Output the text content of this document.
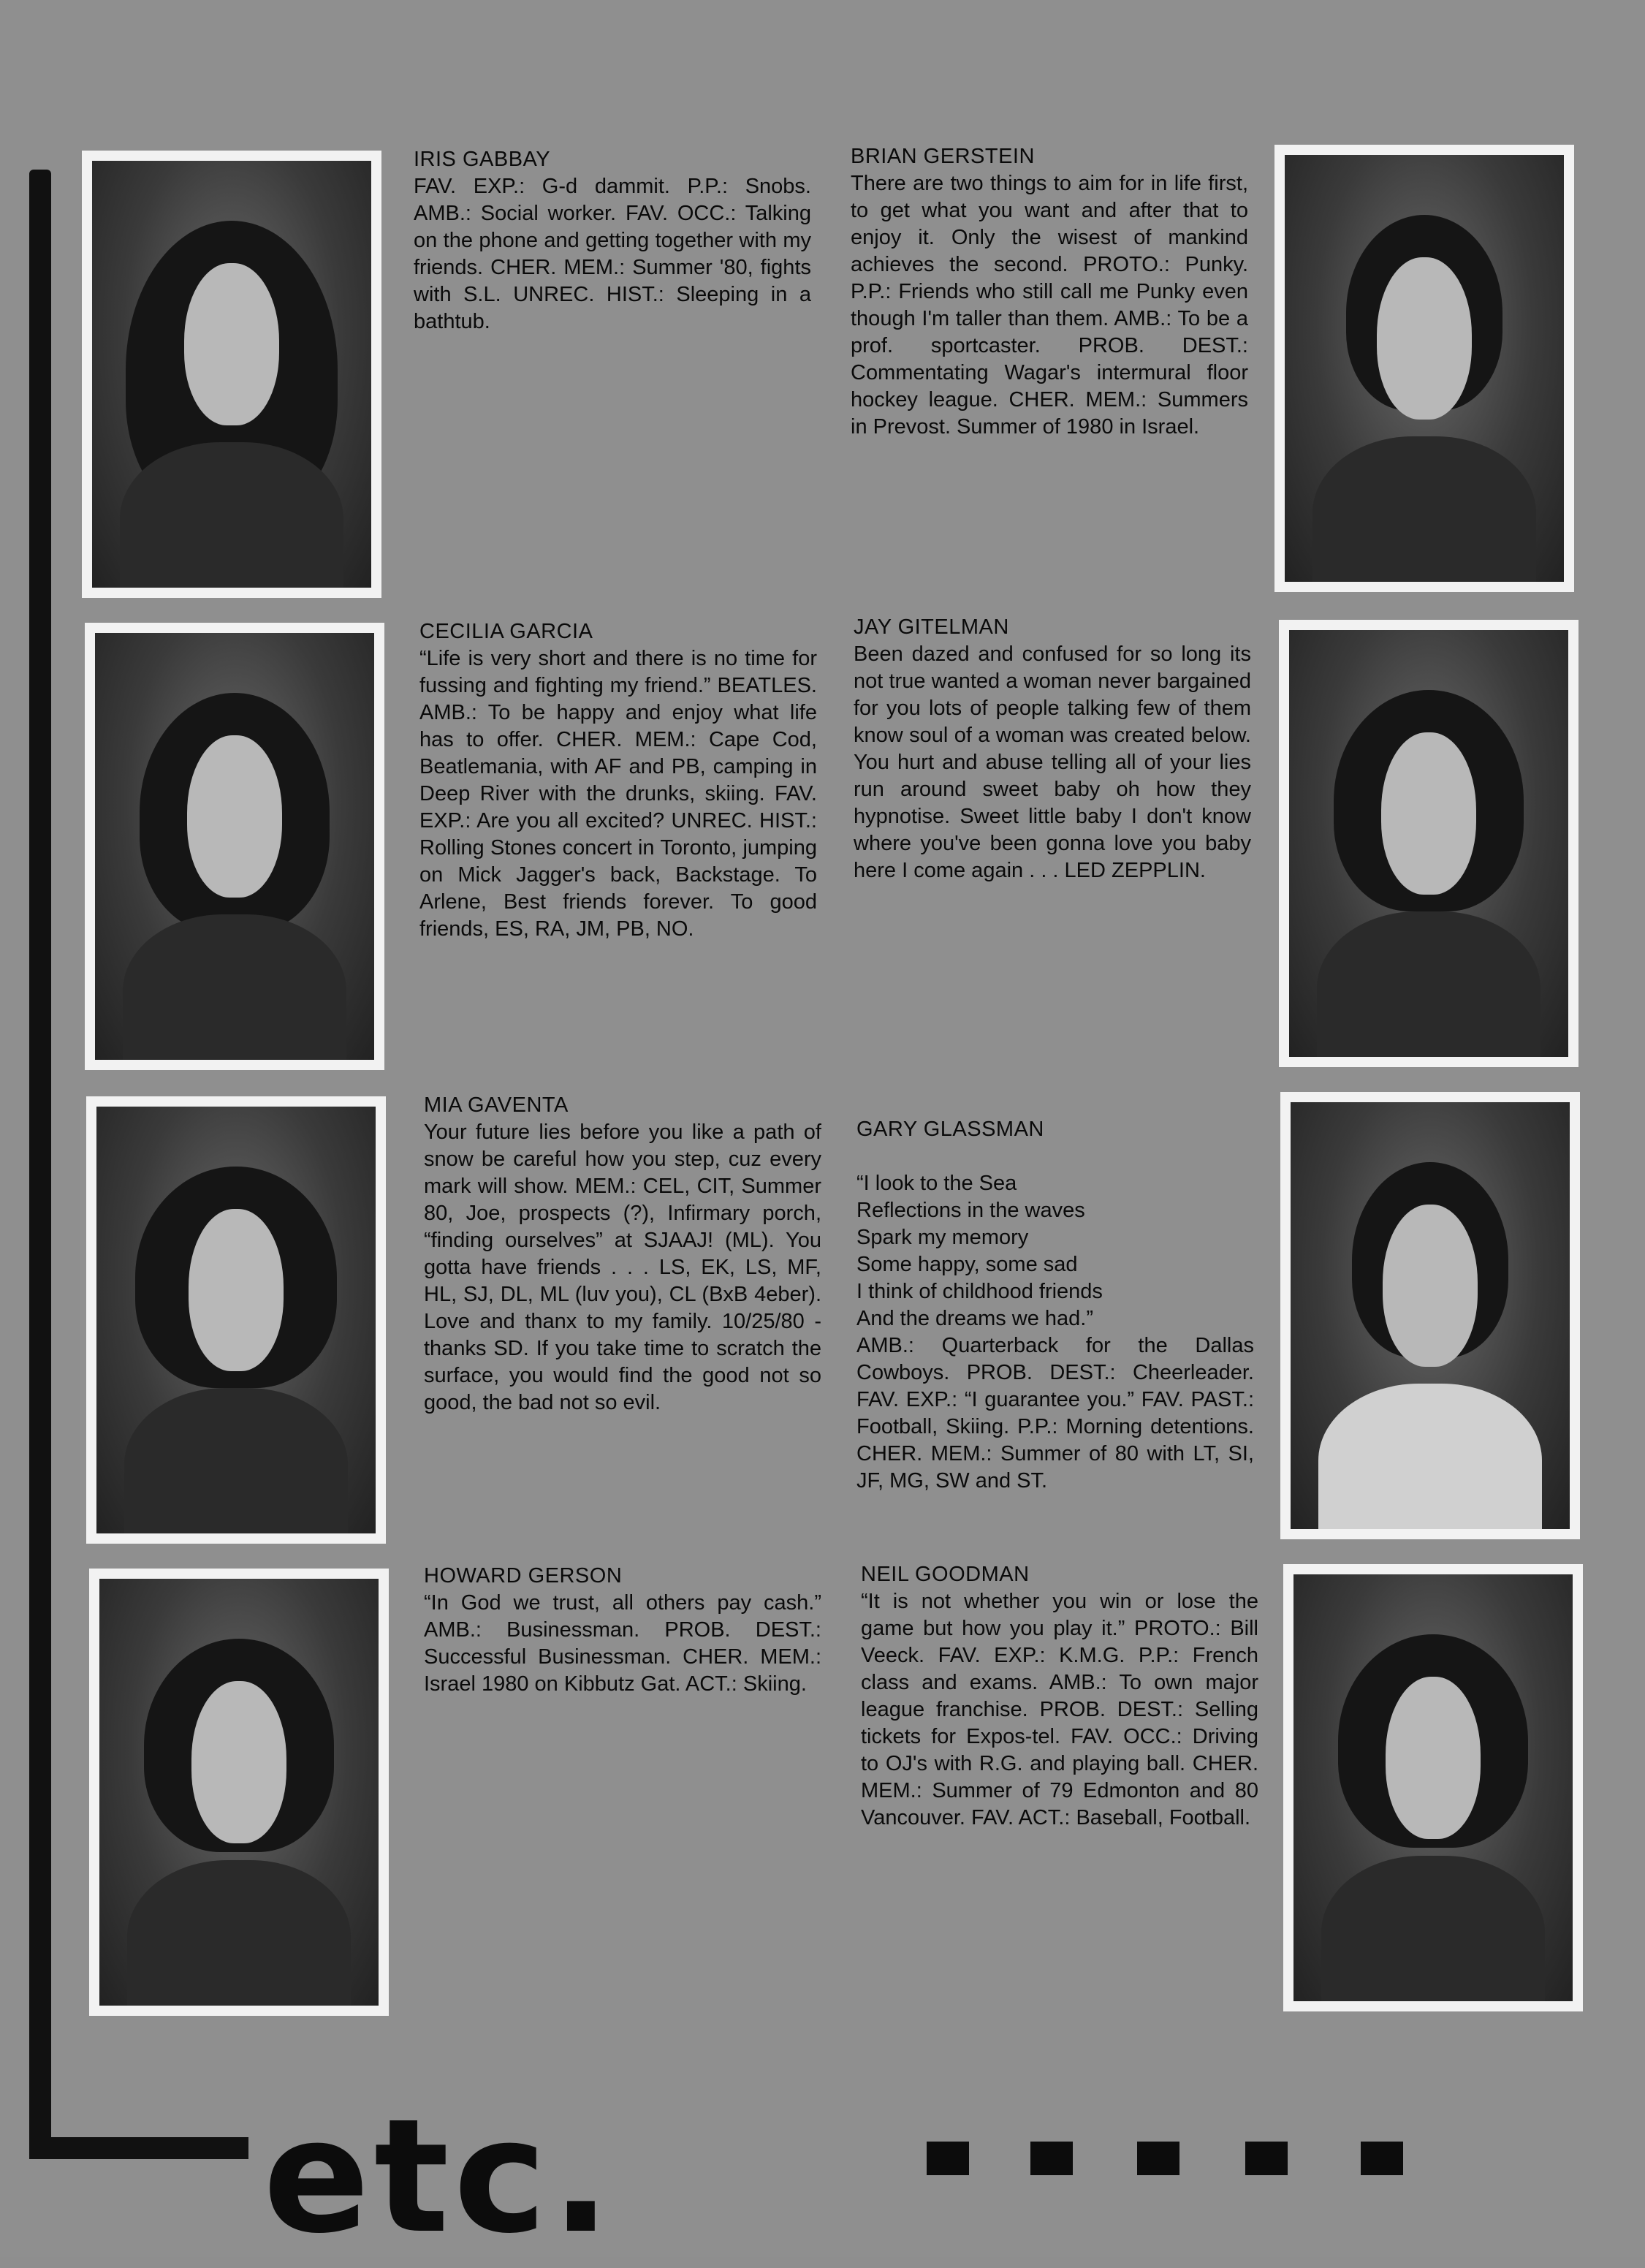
IRIS GABBAY
FAV. EXP.: G-d dammit. P.P.: Snobs. AMB.: Social worker. FAV. OCC.: Talking on the phone and getting together with my friends. CHER. MEM.: Summer '80, fights with S.L. UNREC. HIST.: Sleeping in a bathtub.
BRIAN GERSTEIN
There are two things to aim for in life first, to get what you want and after that to enjoy it. Only the wisest of mankind achieves the second. PROTO.: Punky. P.P.: Friends who still call me Punky even though I'm taller than them. AMB.: To be a prof. sportcaster. PROB. DEST.: Commentating Wagar's intermural floor hockey league. CHER. MEM.: Summers in Prevost. Summer of 1980 in Israel.
CECILIA GARCIA
“Life is very short and there is no time for fussing and fighting my friend.” BEATLES. AMB.: To be happy and enjoy what life has to offer. CHER. MEM.: Cape Cod, Beatlemania, with AF and PB, camping in Deep River with the drunks, skiing. FAV. EXP.: Are you all excited? UNREC. HIST.: Rolling Stones concert in Toronto, jumping on Mick Jagger's back, Backstage. To Arlene, Best friends forever. To good friends, ES, RA, JM, PB, NO.
JAY GITELMAN
Been dazed and confused for so long its not true wanted a woman never bargained for you lots of people talking few of them know soul of a woman was created below. You hurt and abuse telling all of your lies run around sweet baby oh how they hypnotise. Sweet little baby I don't know where you've been gonna love you baby here I come again . . . LED ZEPPLIN.
MIA GAVENTA
Your future lies before you like a path of snow be careful how you step, cuz every mark will show. MEM.: CEL, CIT, Summer 80, Joe, prospects (?), Infirmary porch, “finding ourselves” at SJAAJ! (ML). You gotta have friends . . . LS, EK, LS, MF, HL, SJ, DL, ML (luv you), CL (BxB 4eber). Love and thanx to my family. 10/25/80 - thanks SD. If you take time to scratch the surface, you would find the good not so good, the bad not so evil.

GARY GLASSMAN

“I look to the Sea
Reflections in the waves
Spark my memory
Some happy, some sad
I think of childhood friends
And the dreams we had.”
AMB.: Quarterback for the Dallas Cowboys. PROB. DEST.: Cheerleader. FAV. EXP.: “I guarantee you.” FAV. PAST.: Football, Skiing. P.P.: Morning detentions. CHER. MEM.: Summer of 80 with LT, SI, JF, MG, SW and ST.

HOWARD GERSON
“In God we trust, all others pay cash.” AMB.: Businessman. PROB. DEST.: Successful Businessman. CHER. MEM.: Israel 1980 on Kibbutz Gat. ACT.: Skiing.
NEIL GOODMAN
“It is not whether you win or lose the game but how you play it.” PROTO.: Bill Veeck. FAV. EXP.: K.M.G. P.P.: French class and exams. AMB.: To own major league franchise. PROB. DEST.: Selling tickets for Expos-tel. FAV. OCC.: Driving to OJ's with R.G. and playing ball. CHER. MEM.: Summer of 79 Edmonton and 80 Vancouver. FAV. ACT.: Baseball, Football.
etc.
